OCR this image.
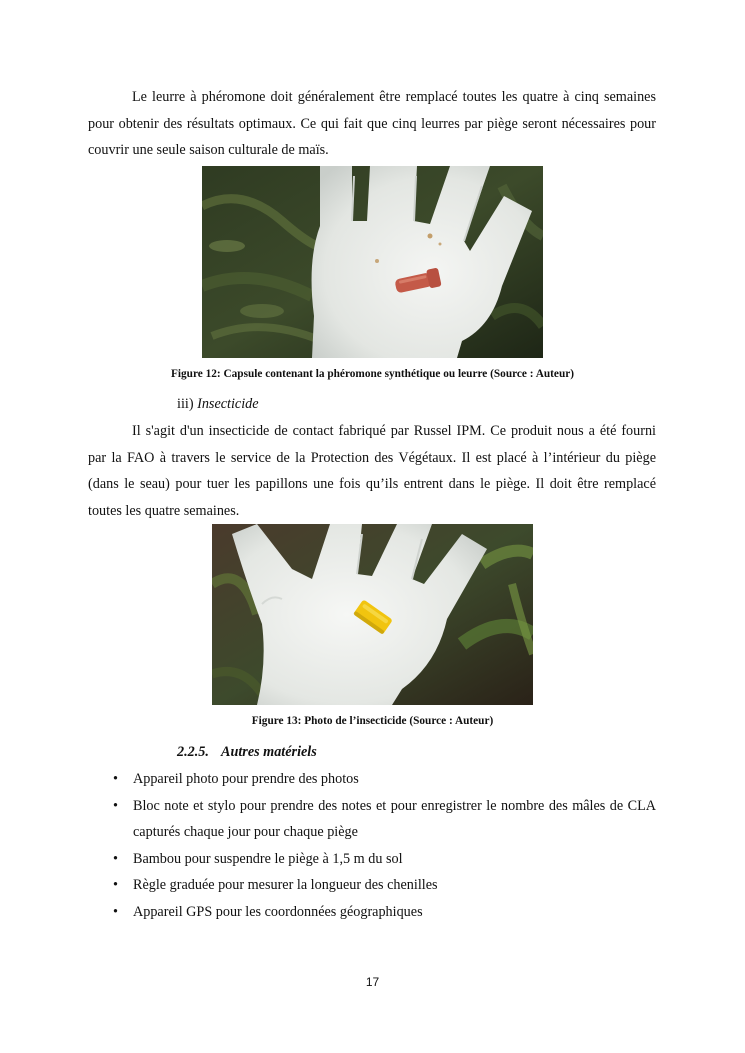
Le leurre à phéromone doit généralement être remplacé toutes les quatre à cinq semaines pour obtenir des résultats optimaux. Ce qui fait que cinq leurres par piège seront nécessaires pour couvrir une seule saison culturale de maïs.

Figure 12: Capsule contenant la phéromone synthétique ou leurre (Source : Auteur)

iii) Insecticide

Il s'agit d'un insecticide de contact fabriqué par Russel IPM. Ce produit nous a été fourni par la FAO à travers le service de la Protection des Végétaux. Il est placé à l’intérieur du piège (dans le seau) pour tuer les papillons une fois qu’ils entrent dans le piège. Il doit être remplacé toutes les quatre semaines.

Figure 13: Photo de l’insecticide (Source : Auteur)

2.2.5. Autres matériels

• Appareil photo pour prendre des photos
• Bloc note et stylo pour prendre des notes et pour enregistrer le nombre des mâles de CLA capturés chaque jour pour chaque piège
• Bambou pour suspendre le piège à 1,5 m du sol
• Règle graduée pour mesurer la longueur des chenilles
• Appareil GPS pour les coordonnées géographiques

17
